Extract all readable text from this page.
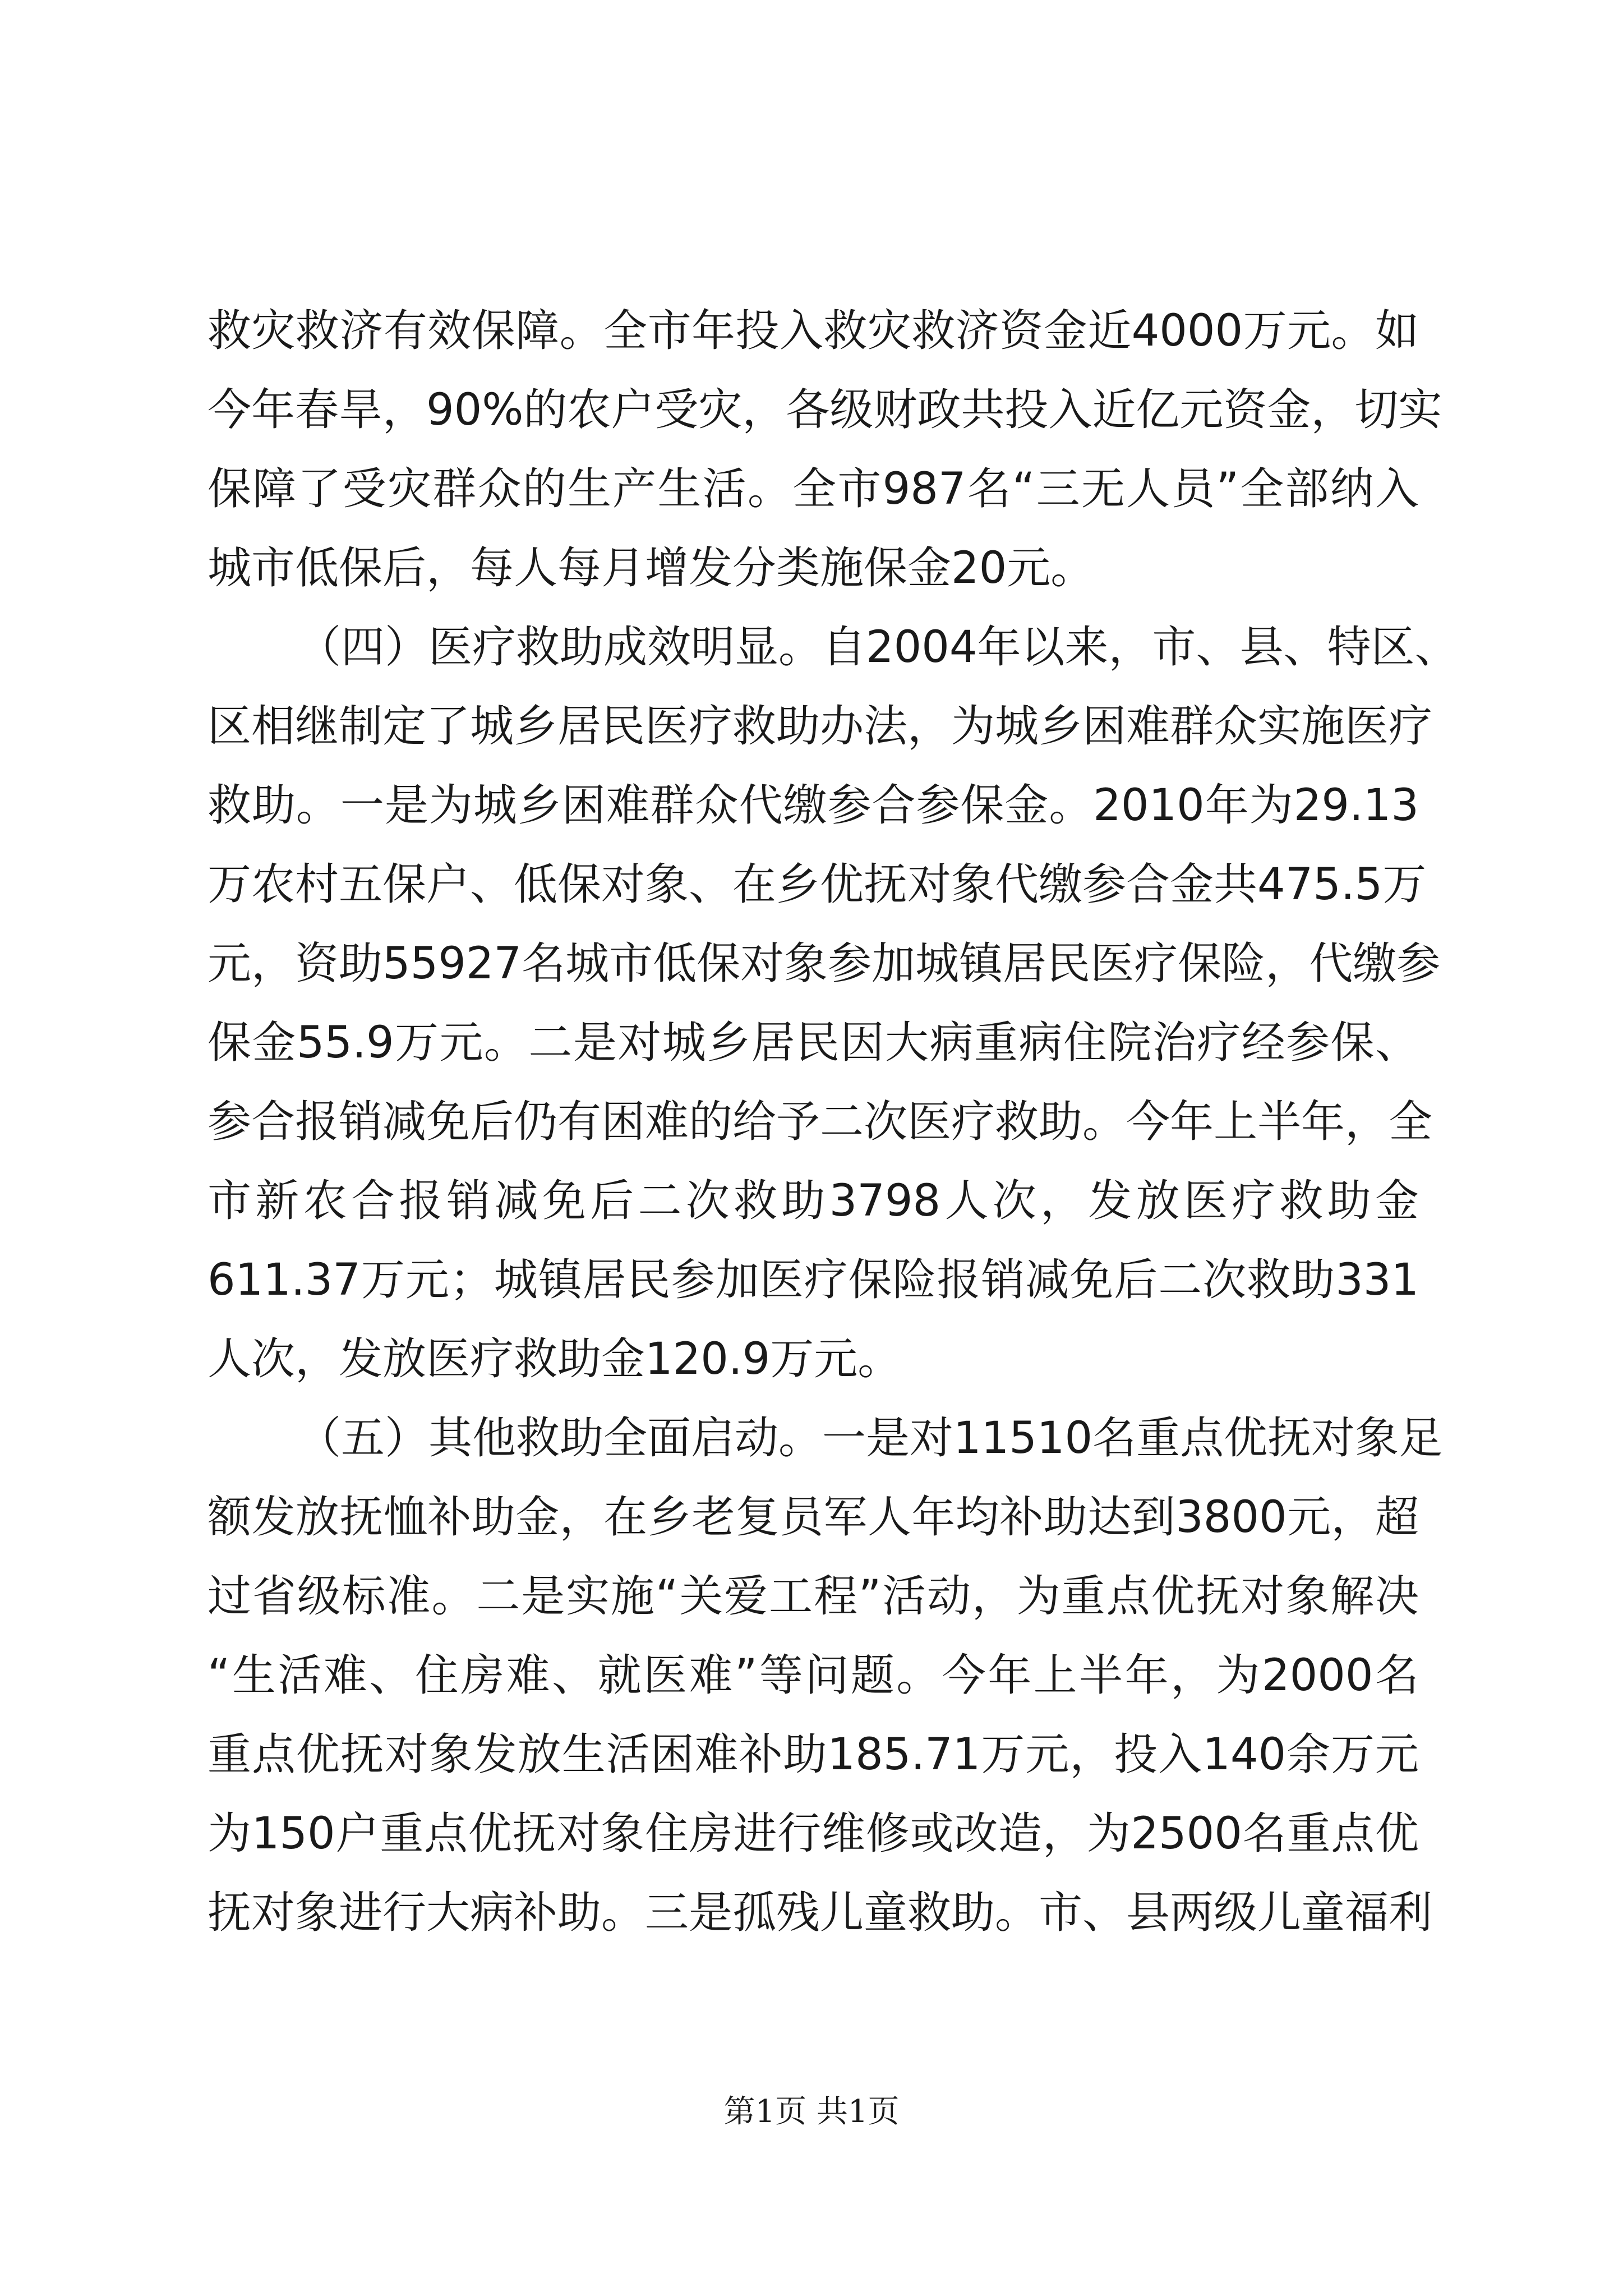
救灾救济有效保障。全市年投入救灾救济资金近4000万元。如
今年春旱，90%的农户受灾，各级财政共投入近亿元资金，切实
保障了受灾群众的生产生活。全市987名“三无人员”全部纳入
城市低保后，每人每月增发分类施保金20元。
（四）医疗救助成效明显。自2004年以来，市、县、特区、
区相继制定了城乡居民医疗救助办法，为城乡困难群众实施医疗
救助。一是为城乡困难群众代缴参合参保金。2010年为29.13
万农村五保户、低保对象、在乡优抚对象代缴参合金共475.5万
元，资助55927名城市低保对象参加城镇居民医疗保险，代缴参
保金55.9万元。二是对城乡居民因大病重病住院治疗经参保、
参合报销减免后仍有困难的给予二次医疗救助。今年上半年，全
市新农合报销减免后二次救助3798人次，发放医疗救助金
611.37万元；城镇居民参加医疗保险报销减免后二次救助331
人次，发放医疗救助金120.9万元。
（五）其他救助全面启动。一是对11510名重点优抚对象足
额发放抚恤补助金，在乡老复员军人年均补助达到3800元，超
过省级标准。二是实施“关爱工程”活动，为重点优抚对象解决
“生活难、住房难、就医难”等问题。今年上半年，为2000名
重点优抚对象发放生活困难补助185.71万元，投入140余万元
为150户重点优抚对象住房进行维修或改造，为2500名重点优
抚对象进行大病补助。三是孤残儿童救助。市、县两级儿童福利
第1页 共1页
